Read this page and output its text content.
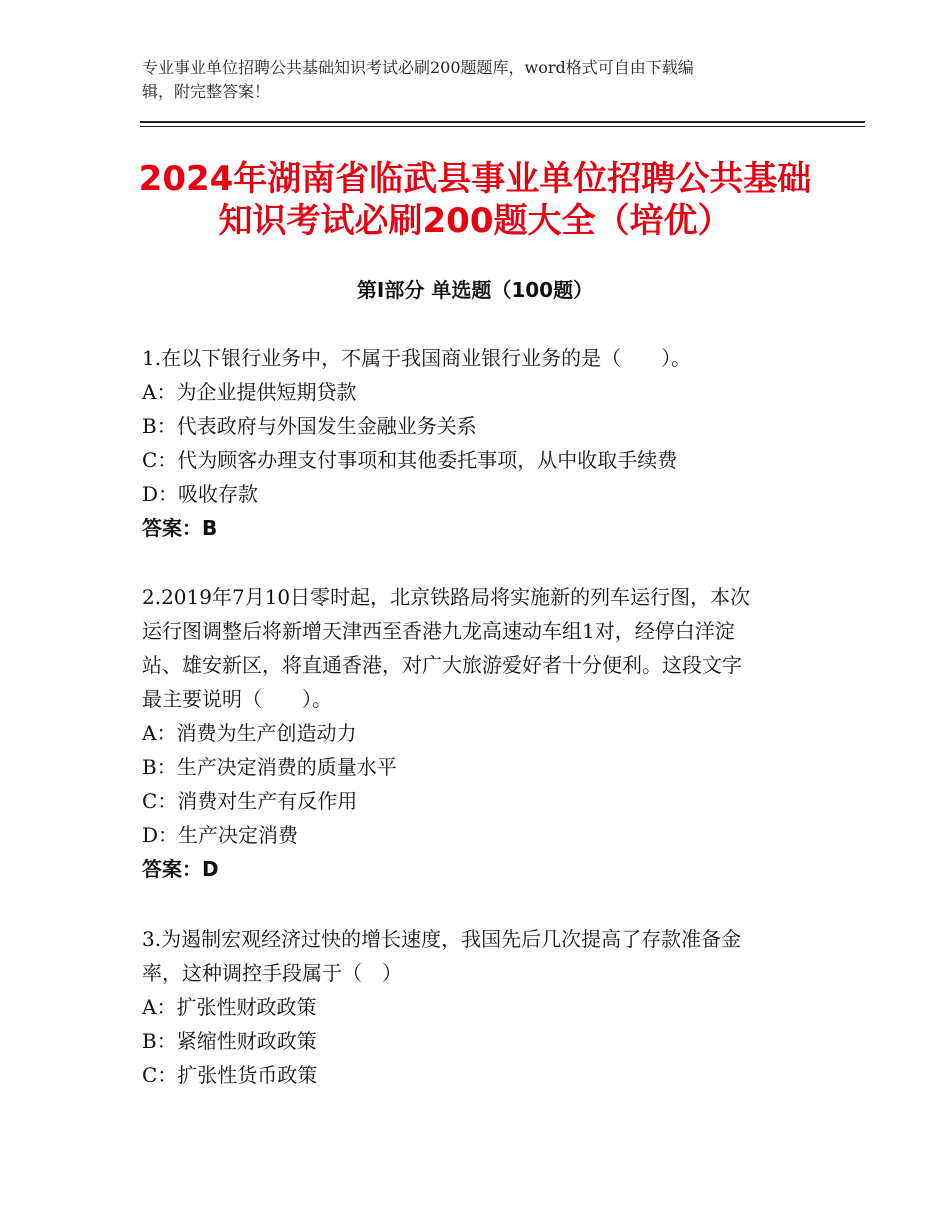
专业事业单位招聘公共基础知识考试必刷200题题库，word格式可自由下载编
辑，附完整答案！
2024年湖南省临武县事业单位招聘公共基础
知识考试必刷200题大全（培优）
第Ⅰ部分 单选题（100题）
1.在以下银行业务中，不属于我国商业银行业务的是（　　）。
A：为企业提供短期贷款
B：代表政府与外国发生金融业务关系
C：代为顾客办理支付事项和其他委托事项，从中收取手续费
D：吸收存款
答案：B
2.2019年7月10日零时起，北京铁路局将实施新的列车运行图，本次
运行图调整后将新增天津西至香港九龙高速动车组1对，经停白洋淀
站、雄安新区，将直通香港，对广大旅游爱好者十分便利。这段文字
最主要说明（　　）。
A：消费为生产创造动力
B：生产决定消费的质量水平
C：消费对生产有反作用
D：生产决定消费
答案：D
3.为遏制宏观经济过快的增长速度，我国先后几次提高了存款准备金
率，这种调控手段属于（　）
A：扩张性财政政策
B：紧缩性财政政策
C：扩张性货币政策
